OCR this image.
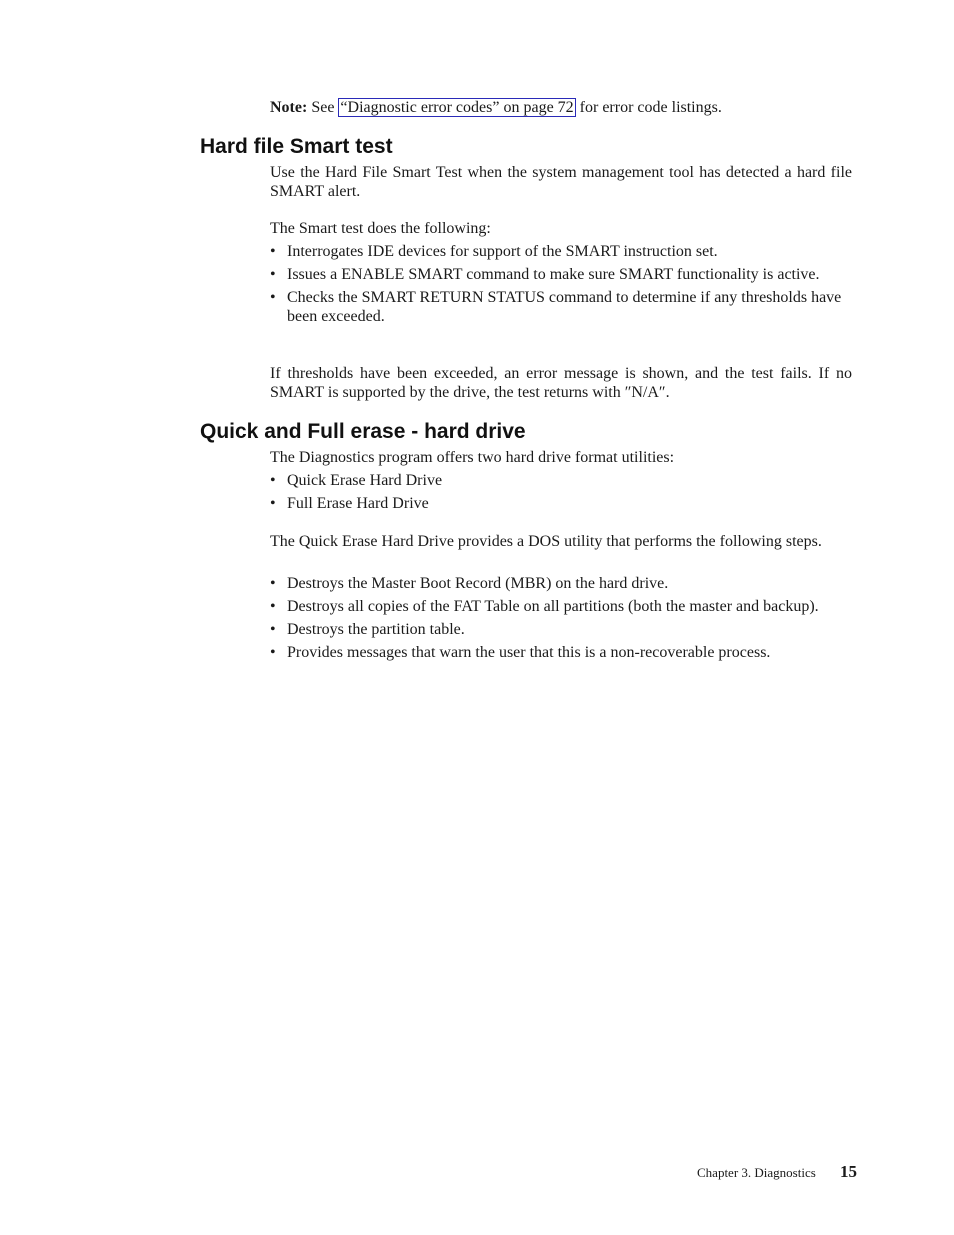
Note: See “Diagnostic error codes” on page 72 for error code listings.
Hard file Smart test
Use the Hard File Smart Test when the system management tool has detected a hard file SMART alert.
The Smart test does the following:
• Interrogates IDE devices for support of the SMART instruction set.
• Issues a ENABLE SMART command to make sure SMART functionality is active.
• Checks the SMART RETURN STATUS command to determine if any thresholds have been exceeded.
If thresholds have been exceeded, an error message is shown, and the test fails. If no SMART is supported by the drive, the test returns with ″N/A″.
Quick and Full erase - hard drive
The Diagnostics program offers two hard drive format utilities:
• Quick Erase Hard Drive
• Full Erase Hard Drive
The Quick Erase Hard Drive provides a DOS utility that performs the following steps.
• Destroys the Master Boot Record (MBR) on the hard drive.
• Destroys all copies of the FAT Table on all partitions (both the master and backup).
• Destroys the partition table.
• Provides messages that warn the user that this is a non-recoverable process.
Chapter 3. Diagnostics 15
